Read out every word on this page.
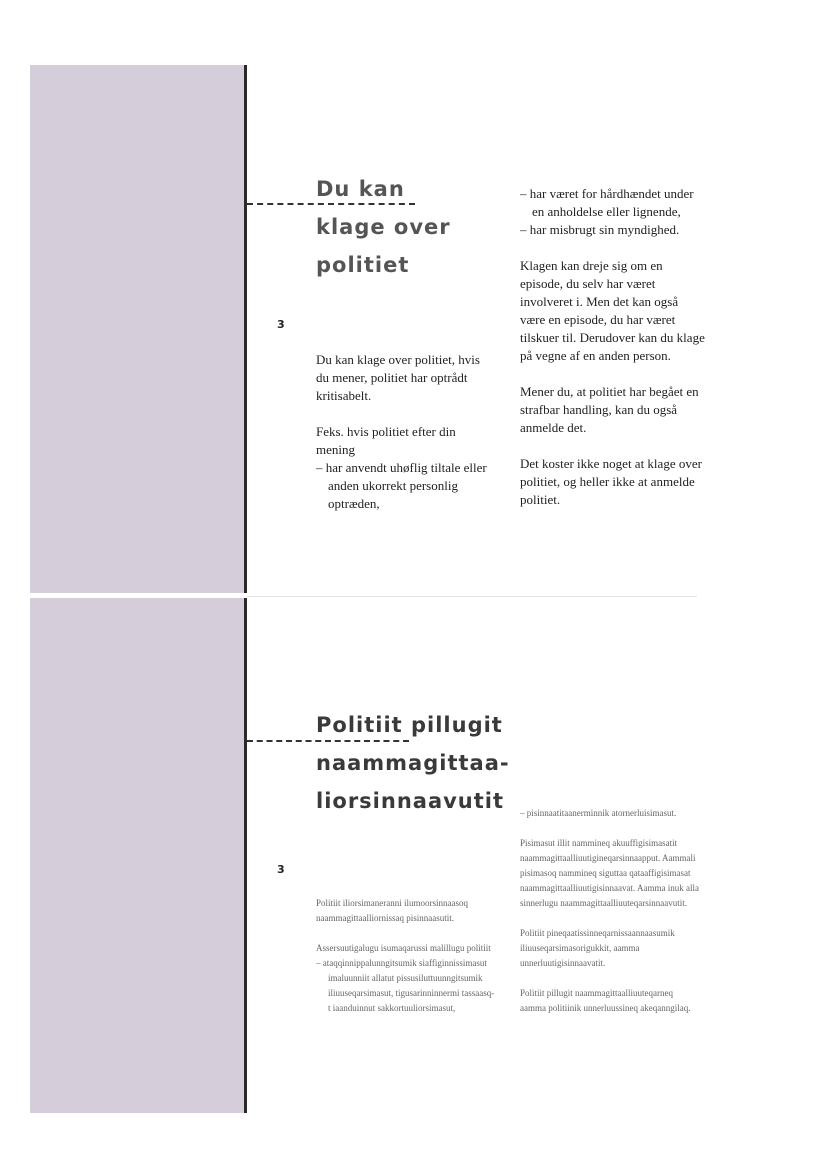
Du kan
klage over
politiet
3

Du kan klage over politiet, hvis du mener, politiet har optrådt kritisabelt.

Feks. hvis politiet efter din mening

– har anvendt uhøflig tiltale eller anden ukorrekt personlig optræden,
– har været for hårdhændet under en anholdelse eller lignende,
– har misbrugt sin myndighed.

Klagen kan dreje sig om en episode, du selv har været involveret i. Men det kan også være en episode, du har været tilskuer til. Derudover kan du klage på vegne af en anden person.

Mener du, at politiet har begået en strafbar handling, kan du også anmelde det.

Det koster ikke noget at klage over politiet, og heller ikke at anmelde politiet.

Politiit pillugit
naammagittaa-
liorsinnaavutit
3

Politiit iliorsimaneranni ilumoorsinnaasoq naammagittaalliornissaq pisinnaasutit.

Assersuutigalugu isumaqarussi malillugu politiit

– ataqqinnippalunngitsumik siaffiginnissimasut imaluunniit allatut pissusiluttuunngitsumik iliuuseqarsimasut, tigusarinninnermi tassaasq-t iaanduinnut sakkortuuliorsimasut,
– pisinnaatitaanerminnik atornerluisimasut.

Pisimasut illit nammineq akuuffigisimasatit naammagittaalliuutigineqarsinnaapput. Aammali pisimasoq nammineq siguttaa qataaffigisimasat naammagittaalliuutigisinnaavat. Aamma inuk alla sinnerlugu naammagittaalliuuteqarsinnaavutit.

Politiit pineqaatissinneqarnissaannaasumik iliuuseqarsimasorigukkit, aamma unnerluutigisinnaavatit.

Politiit pillugit naammagittaalliuuteqarneq aamma politiinik unnerluussineq akeqanngilaq.
